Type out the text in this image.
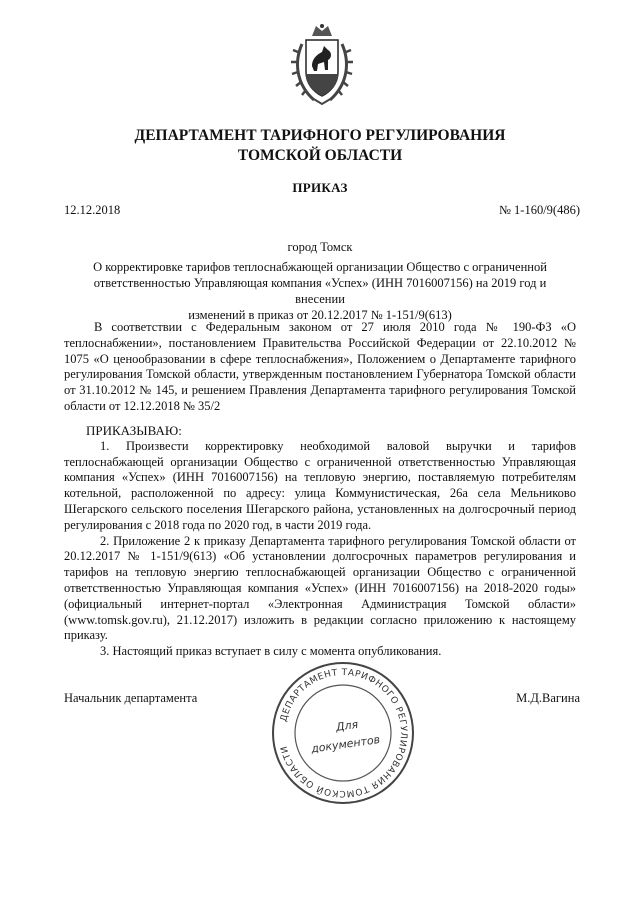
ДЕПАРТАМЕНТ ТАРИФНОГО РЕГУЛИРОВАНИЯ
ТОМСКОЙ ОБЛАСТИ
ПРИКАЗ
12.12.2018	№ 1-160/9(486)
город Томск
О корректировке тарифов теплоснабжающей организации Общество с ограниченной
ответственностью Управляющая компания «Успех» (ИНН 7016007156) на 2019 год и внесении
изменений в приказ от 20.12.2017 № 1-151/9(613)

В соответствии с Федеральным законом от 27 июля 2010 года № 190-ФЗ «О теплоснабжении», постановлением Правительства Российской Федерации от 22.10.2012 № 1075 «О ценообразовании в сфере теплоснабжения», Положением о Департаменте тарифного регулирования Томской области, утвержденным постановлением Губернатора Томской области от 31.10.2012 № 145, и решением Правления Департамента тарифного регулирования Томской области от 12.12.2018 № 35/2

ПРИКАЗЫВАЮ:

1. Произвести корректировку необходимой валовой выручки и тарифов теплоснабжающей организации Общество с ограниченной ответственностью Управляющая компания «Успех» (ИНН 7016007156) на тепловую энергию, поставляемую потребителям котельной, расположенной по адресу: улица Коммунистическая, 26а села Мельниково Шегарского сельского поселения Шегарского района, установленных на долгосрочный период регулирования с 2018 года по 2020 год, в части 2019 года.

2. Приложение 2 к приказу Департамента тарифного регулирования Томской области от 20.12.2017 № 1-151/9(613) «Об установлении долгосрочных параметров регулирования и тарифов на тепловую энергию теплоснабжающей организации Общество с ограниченной ответственностью Управляющая компания «Успех» (ИНН 7016007156) на 2018-2020 годы» (официальный интернет-портал «Электронная Администрация Томской области» (www.tomsk.gov.ru), 21.12.2017) изложить в редакции согласно приложению к настоящему приказу.

3. Настоящий приказ вступает в силу с момента опубликования.

Начальник департамента	М.Д.Вагина
ДЕПАРТАМЕНТ ТАРИФНОГО РЕГУЛИРОВАНИЯ ТОМСКОЙ ОБЛАСТИ
Для
документов
